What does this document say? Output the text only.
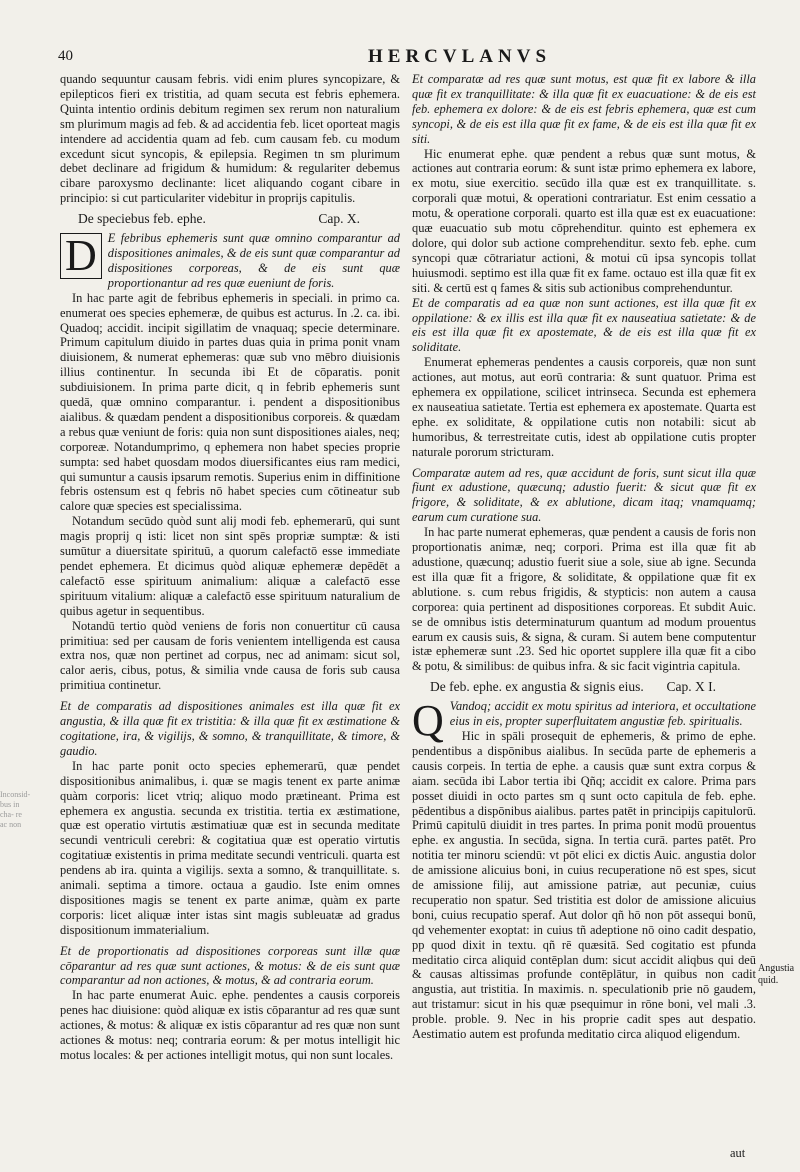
40	HERCVLANVS

quando sequuntur causam febris. vidi enim plures syncopizare, & epilepticos fieri ex tristitia, ad quam secuta est febris ephemera. Quinta intentio ordinis debitum regimen sex rerum non naturalium sm plurimum magis ad feb. & ad accidentia feb. licet oporteat magis intendere ad accidentia quam ad feb. cum causam feb. cu modum excedunt sicut syncopis, & epilepsia. Regimen tn sm plurimum debet declinare ad frigidum & humidum: & regulariter debemus cibare paroxysmo declinante: licet aliquando cogant cibare in principio: si cut particulariter videbitur in proprijs capitulis.

De speciebus feb. ephe.	Cap. X.

D E febribus ephemeris sunt quæ omnino comparantur ad dispositiones animales, & de eis sunt quæ comparantur ad dispositiones corporeas, & de eis sunt quæ proportionantur ad res quæ eueniunt de foris.

In hac parte agit de febribus ephemeris in speciali. in primo ca. enumerat oes species ephemeræ, de quibus est acturus. In .2. ca. ibi. Quadoq; accidit. incipit sigillatim de vnaquaq; specie determinare. Primum capitulum diuido in partes duas quia in prima ponit vnam diuisionem, & numerat ephemeras: quæ sub vno mēbro diuisionis illius continentur. In secunda ibi Et de cōparatis. ponit subdiuisionem. In prima parte dicit, q in febrib ephemeris sunt quedā, quæ omnino comparantur. i. pendent a dispositionibus aialibus. & quædam pendent a dispositionibus corporeis. & quædam a rebus quæ veniunt de foris: quia non sunt dispositiones aiales, neq; corporeæ. Notandumprimo, q ephemera non habet species proprie sumpta: sed habet quosdam modos diuersificantes eius ram medici, qui sumuntur a causis ipsarum remotis. Superius enim in diffinitione febris ostensum est q febris nō habet species cum cōtineatur sub calore quæ species est specialissima.

Notandum secūdo quòd sunt alij modi feb. ephemerarū, qui sunt magis proprij q isti: licet non sint spēs propriæ sumptæ: & isti sumūtur a diuersitate spirituū, a quorum calefactō esse immediate pendet ephemera. Et dicimus quòd aliquæ ephemeræ depēdēt a calefactō esse spirituum animalium: aliquæ a calefactō esse spirituum vitalium: aliquæ a calefactō esse spirituum naturalium de quibus agetur in sequentibus.

Notandū tertio quòd veniens de foris non conuertitur cū causa primitiua: sed per causam de foris venientem intelligenda est causa extra nos, quæ non pertinet ad corpus, nec ad animam: sicut sol, calor aeris, cibus, potus, & similia vnde causa de foris sub causa primitiua continetur.

Et de comparatis ad dispositiones animales est illa quæ fit ex angustia, & illa quæ fit ex tristitia: & illa quæ fit ex æstimatione & cogitatione, ira, & vigilijs, & somno, & tranquillitate, & timore, & gaudio.

In hac parte ponit octo species ephemerarū, quæ pendet dispositionibus animalibus, i. quæ se magis tenent ex parte animæ quàm corporis: licet vtriq; aliquo modo prætineant. Prima est ephemera ex angustia. secunda ex tristitia. tertia ex æstimatione, quæ est operatio virtutis æstimatiuæ quæ est in secunda meditate secundi ventriculi cerebri: & cogitatiua quæ est operatio virtutis cogitatiuæ existentis in prima meditate secundi ventriculi. quarta est pendens ab ira. quinta a vigilijs. sexta a somno, & tranquillitate. s. animali. septima a timore. octaua a gaudio. Iste enim omnes dispositiones magis se tenent ex parte animæ, quàm ex parte corporis: licet aliquæ inter istas sint magis subleuatæ ad gradus dispositionum immaterialium.

Et de proportionatis ad dispositiones corporeas sunt illæ quæ cōparantur ad res quæ sunt actiones, & motus: & de eis sunt quæ comparantur ad non actiones, & motus, & ad contraria eorum.

In hac parte enumerat Auic. ephe. pendentes a causis corporeis penes hac diuisione: quòd aliquæ ex istis cōparantur ad res quæ sunt actiones, & motus: & aliquæ ex istis cōparantur ad res quæ non sunt actiones & motus: neq; contraria eorum: & per motus intelligit hic motus locales: & per actiones intelligit motus, qui non sunt locales.

Et comparatæ ad res quæ sunt motus, est quæ fit ex labore & illa quæ fit ex tranquillitate: & illa quæ fit ex euacuatione: & de eis est feb. ephemera ex dolore: & de eis est febris ephemera, quæ est cum syncopi, & de eis est illa quæ fit ex fame, & de eis est illa quæ fit ex siti.

Hic enumerat ephe. quæ pendent a rebus quæ sunt motus, & actiones aut contraria eorum: & sunt istæ primo ephemera ex labore, ex motu, siue exercitio. secūdo illa quæ est ex tranquillitate. s. corporali quæ motui, & operationi contrariatur. Est enim cessatio a motu, & operatione corporali. quarto est illa quæ est ex euacuatione: quæ euacuatio sub motu cōprehenditur. quinto est ephemera ex dolore, qui dolor sub actione comprehenditur. sexto feb. ephe. cum syncopi quæ cōtrariatur actioni, & motui cū ipsa syncopis tollat huiusmodi. septimo est illa quæ fit ex fame. octauo est illa quæ fit ex siti. & certū est q fames & sitis sub actionibus comprehenduntur.

Et de comparatis ad ea quæ non sunt actiones, est illa quæ fit ex oppilatione: & ex illis est illa quæ fit ex nauseatiua satietate: & de eis est illa quæ fit ex apostemate, & de eis est illa quæ fit ex soliditate.

Enumerat ephemeras pendentes a causis corporeis, quæ non sunt actiones, aut motus, aut eorū contraria: & sunt quatuor. Prima est ephemera ex oppilatione, scilicet intrinseca. Secunda est ephemera ex nauseatiua satietate. Tertia est ephemera ex apostemate. Quarta est ephe. ex soliditate, & oppilatione cutis non notabili: sicut ab humoribus, & terrestreitate cutis, idest ab oppilatione cutis propter naturale pororum stricturam.

Comparatæ autem ad res, quæ accidunt de foris, sunt sicut illa quæ fiunt ex adustione, quæcunq; adustio fuerit: & sicut quæ fit ex frigore, & soliditate, & ex ablutione, dicam itaq; vnamquamq; earum cum curatione sua.

In hac parte numerat ephemeras, quæ pendent a causis de foris non proportionatis animæ, neq; corpori. Prima est illa quæ fit ab adustione, quæcunq; adustio fuerit siue a sole, siue ab igne. Secunda est illa quæ fit a frigore, & soliditate, & oppilatione quæ fit ex ablutione. s. cum rebus frigidis, & stypticis: non autem a causa corporea: quia pertinent ad dispositiones corporeas. Et subdit Auic. se de omnibus istis determinaturum quantum ad modum prouentus earum ex causis suis, & signa, & curam. Si autem bene computentur istæ ephemeræ sunt .23. Sed hic oportet supplere illa quæ fit a cibo & potu, & similibus: de quibus infra. & sic facit vigintria capitula.

De feb. ephe. ex angustia & signis eius. Cap. X I.

Q Vandoq; accidit ex motu spiritus ad interiora, et occultatione eius in eis, propter superfluitatem angustiæ feb. spiritualis.

Hic in spāli prosequit de ephemeris, & primo de ephe. pendentibus a dispōnibus aialibus. In secūda parte de ephemeris a causis corpeis. In tertia de ephe. a causis quæ sunt extra corpus & aiam. secūda ibi Labor tertia ibi Qñq; accidit ex calore. Prima pars posset diuidi in octo partes sm q sunt octo capitula de feb. ephe. pēdentibus a dispōnibus aialibus. partes patēt in principijs capitulorū. Primū capitulū diuidit in tres partes. In prima ponit modū prouentus ephe. ex angustia. In secūda, signa. In tertia curā. partes patēt. Pro notitia ter minoru sciendū: vt pōt elici ex dictis Auic. angustia dolor de amissione alicuius boni, in cuius recuperatione nō est spes, sicut de amissione filij, aut amissione patriæ, aut pecuniæ, cuius recuperatio non spatur. Sed tristitia est dolor de amissione alicuius boni, cuius recupatio speraf. Aut dolor qñ hō non pōt assequi bonū, qd vehementer exoptat: in cuius tñ adeptione nō oino cadit despatio, pp quod dixit in textu. qñ rē quæsitā. Sed cogitatio est pfunda meditatio circa aliquid contēplan dum: sicut accidit aliqbus qui deū & causas altissimas profunde contēplātur, in quibus non cadit angustia, aut tristitia. In maximis. n. speculationib prie nō gaudem, aut tristamur: sicut in his quæ psequimur in rōne boni, vel mali .3. proble. proble. 9. Nec in his proprie cadit spes aut despatio. Aestimatio autem est profunda meditatio circa aliquod eligendum.

Angustia quid.
Inconsid- bus in cha- re ac non
aut
